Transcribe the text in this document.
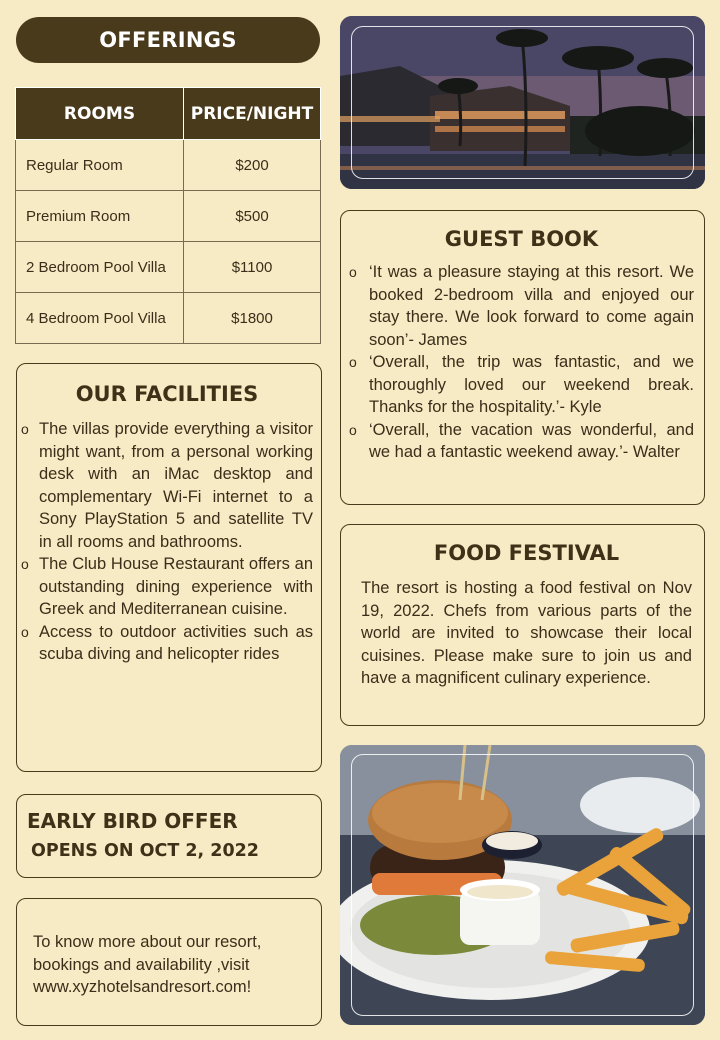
OFFERINGS
ROOMS	PRICE/NIGHT
Regular Room	$200
Premium Room	$500
2 Bedroom Pool Villa	$1100
4 Bedroom Pool Villa	$1800
OUR FACILITIES
o The villas provide everything a visitor might want, from a personal working desk with an iMac desktop and complementary Wi-Fi internet to a Sony PlayStation 5 and satellite TV in all rooms and bathrooms.
o The Club House Restaurant offers an outstanding dining experience with Greek and Mediterranean cuisine.
o Access to outdoor activities such as scuba diving and helicopter rides
EARLY BIRD OFFER
OPENS ON OCT 2, 2022

To know more about our resort, bookings and availability ,visit www.xyzhotelsandresort.com!

GUEST BOOK
o ‘It was a pleasure staying at this resort. We booked 2-bedroom villa and enjoyed our stay there. We look forward to come again soon’- James
o ‘Overall, the trip was fantastic, and we thoroughly loved our weekend break. Thanks for the hospitality.’- Kyle
o ‘Overall, the vacation was wonderful, and we had a fantastic weekend away.’- Walter
FOOD FESTIVAL

The resort is hosting a food festival on Nov 19, 2022. Chefs from various parts of the world are invited to showcase their local cuisines. Please make sure to join us and have a magnificent culinary experience.
